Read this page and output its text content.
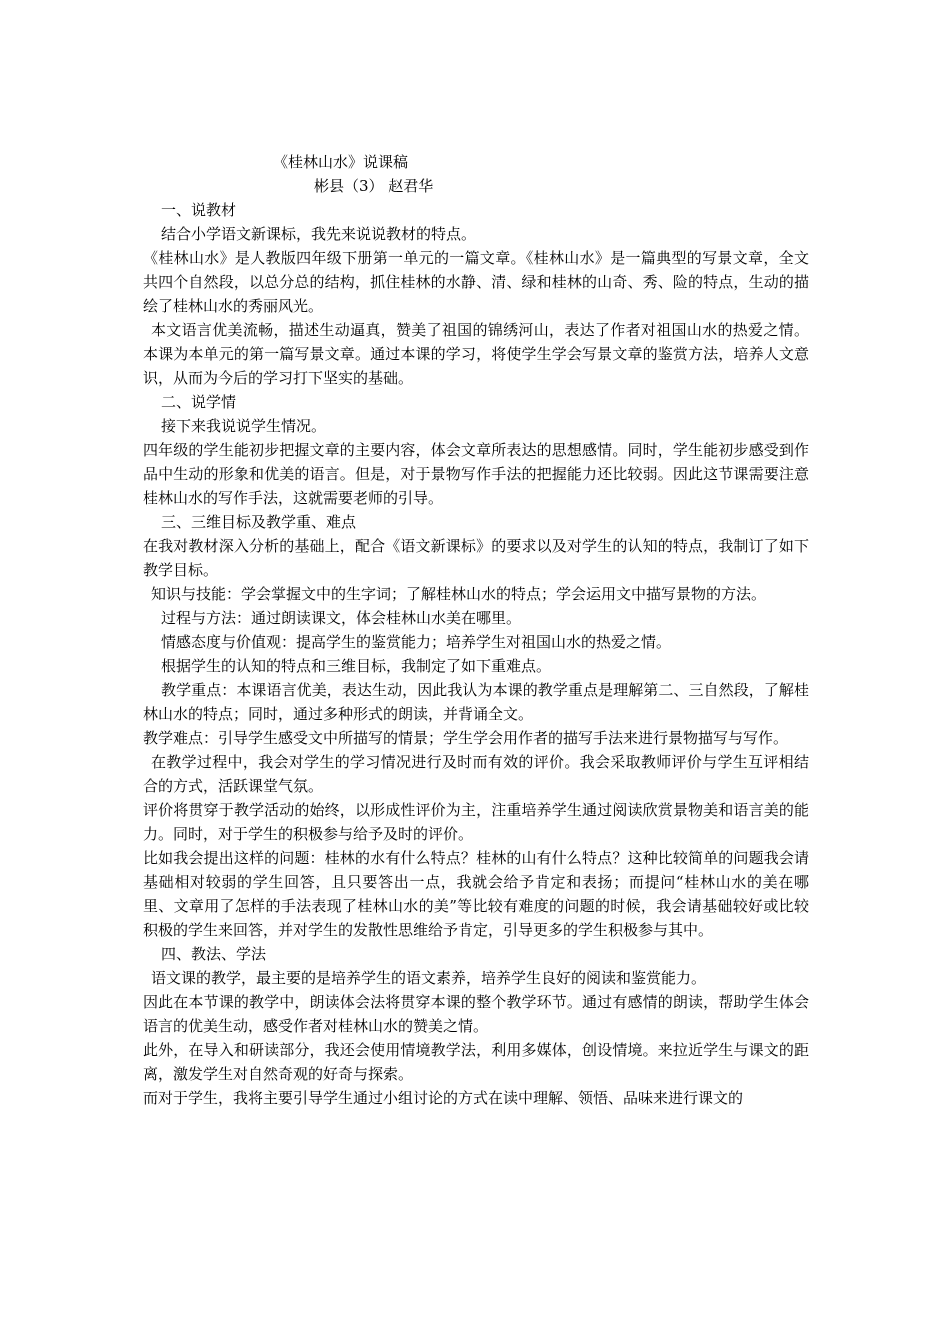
《桂林山水》说课稿
彬县（3） 赵君华

一、说教材

结合小学语文新课标，我先来说说教材的特点。

《桂林山水》是人教版四年级下册第一单元的一篇文章。《桂林山水》是一篇典型的写景文章，全文共四个自然段，以总分总的结构，抓住桂林的水静、清、绿和桂林的山奇、秀、险的特点，生动的描绘了桂林山水的秀丽风光。

本文语言优美流畅，描述生动逼真，赞美了祖国的锦绣河山，表达了作者对祖国山水的热爱之情。本课为本单元的第一篇写景文章。通过本课的学习，将使学生学会写景文章的鉴赏方法，培养人文意识，从而为今后的学习打下坚实的基础。

二、说学情

接下来我说说学生情况。

四年级的学生能初步把握文章的主要内容，体会文章所表达的思想感情。同时，学生能初步感受到作品中生动的形象和优美的语言。但是，对于景物写作手法的把握能力还比较弱。因此这节课需要注意桂林山水的写作手法，这就需要老师的引导。

三、三维目标及教学重、难点

在我对教材深入分析的基础上，配合《语文新课标》的要求以及对学生的认知的特点，我制订了如下教学目标。

知识与技能：学会掌握文中的生字词；了解桂林山水的特点；学会运用文中描写景物的方法。

过程与方法：通过朗读课文，体会桂林山水美在哪里。

情感态度与价值观：提高学生的鉴赏能力；培养学生对祖国山水的热爱之情。

根据学生的认知的特点和三维目标，我制定了如下重难点。

教学重点：本课语言优美，表达生动，因此我认为本课的教学重点是理解第二、三自然段，了解桂林山水的特点；同时，通过多种形式的朗读，并背诵全文。

教学难点：引导学生感受文中所描写的情景；学生学会用作者的描写手法来进行景物描写与写作。

在教学过程中，我会对学生的学习情况进行及时而有效的评价。我会采取教师评价与学生互评相结合的方式，活跃课堂气氛。

评价将贯穿于教学活动的始终，以形成性评价为主，注重培养学生通过阅读欣赏景物美和语言美的能力。同时，对于学生的积极参与给予及时的评价。

比如我会提出这样的问题：桂林的水有什么特点？桂林的山有什么特点？这种比较简单的问题我会请基础相对较弱的学生回答，且只要答出一点，我就会给予肯定和表扬；而提问“桂林山水的美在哪里、文章用了怎样的手法表现了桂林山水的美”等比较有难度的问题的时候，我会请基础较好或比较积极的学生来回答，并对学生的发散性思维给予肯定，引导更多的学生积极参与其中。

四、教法、学法

语文课的教学，最主要的是培养学生的语文素养，培养学生良好的阅读和鉴赏能力。

因此在本节课的教学中，朗读体会法将贯穿本课的整个教学环节。通过有感情的朗读，帮助学生体会语言的优美生动，感受作者对桂林山水的赞美之情。

此外，在导入和研读部分，我还会使用情境教学法，利用多媒体，创设情境。来拉近学生与课文的距离，激发学生对自然奇观的好奇与探索。

而对于学生，我将主要引导学生通过小组讨论的方式在读中理解、领悟、品味来进行课文的
